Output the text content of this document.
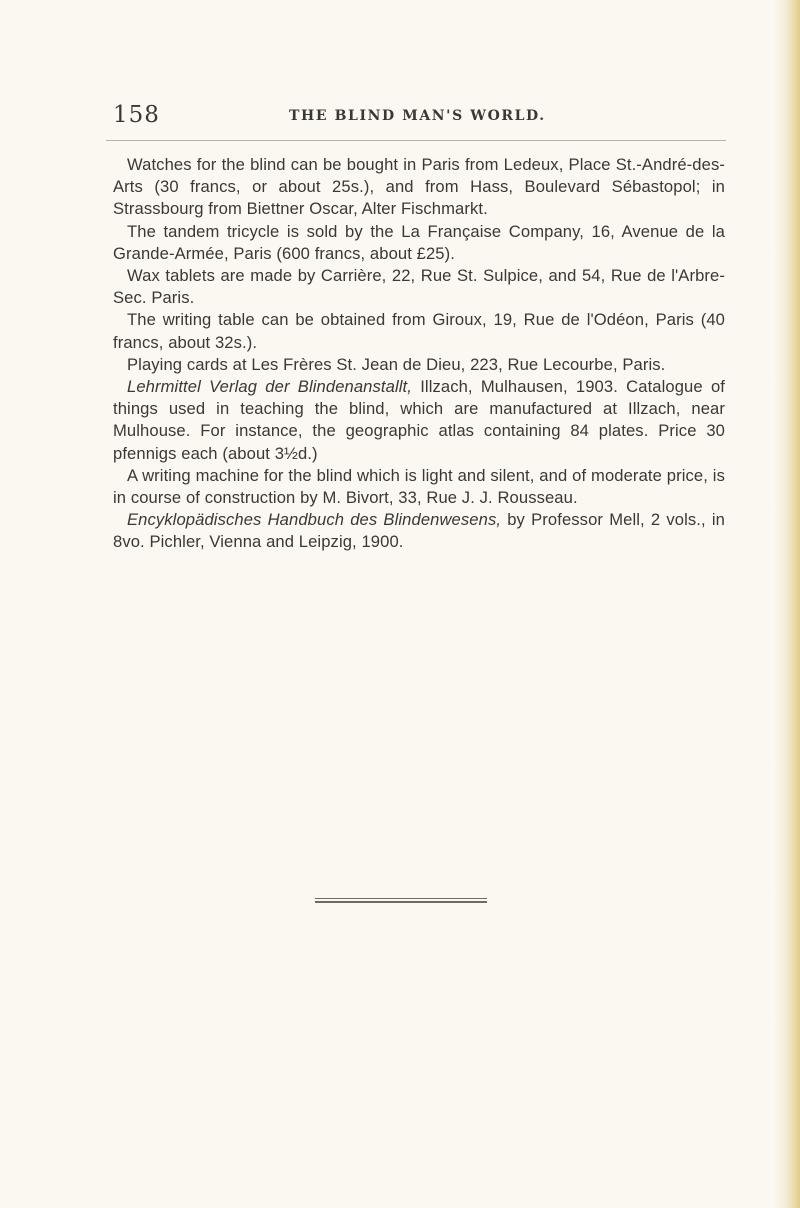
158	THE BLIND MAN'S WORLD.

Watches for the blind can be bought in Paris from Ledeux, Place St.-André-des-Arts (30 francs, or about 25s.), and from Hass, Boulevard Sébastopol; in Strassbourg from Biettner Oscar, Alter Fischmarkt.

The tandem tricycle is sold by the La Française Company, 16, Avenue de la Grande-Armée, Paris (600 francs, about £25).

Wax tablets are made by Carrière, 22, Rue St. Sulpice, and 54, Rue de l'Arbre-Sec. Paris.

The writing table can be obtained from Giroux, 19, Rue de l'Odéon, Paris (40 francs, about 32s.).

Playing cards at Les Frères St. Jean de Dieu, 223, Rue Lecourbe, Paris.

Lehrmittel Verlag der Blindenanstallt, Illzach, Mulhausen, 1903. Catalogue of things used in teaching the blind, which are manufactured at Illzach, near Mulhouse. For instance, the geographic atlas containing 84 plates. Price 30 pfennigs each (about 3½d.)

A writing machine for the blind which is light and silent, and of moderate price, is in course of construction by M. Bivort, 33, Rue J. J. Rousseau.

Encyklopädisches Handbuch des Blindenwesens, by Professor Mell, 2 vols., in 8vo. Pichler, Vienna and Leipzig, 1900.
